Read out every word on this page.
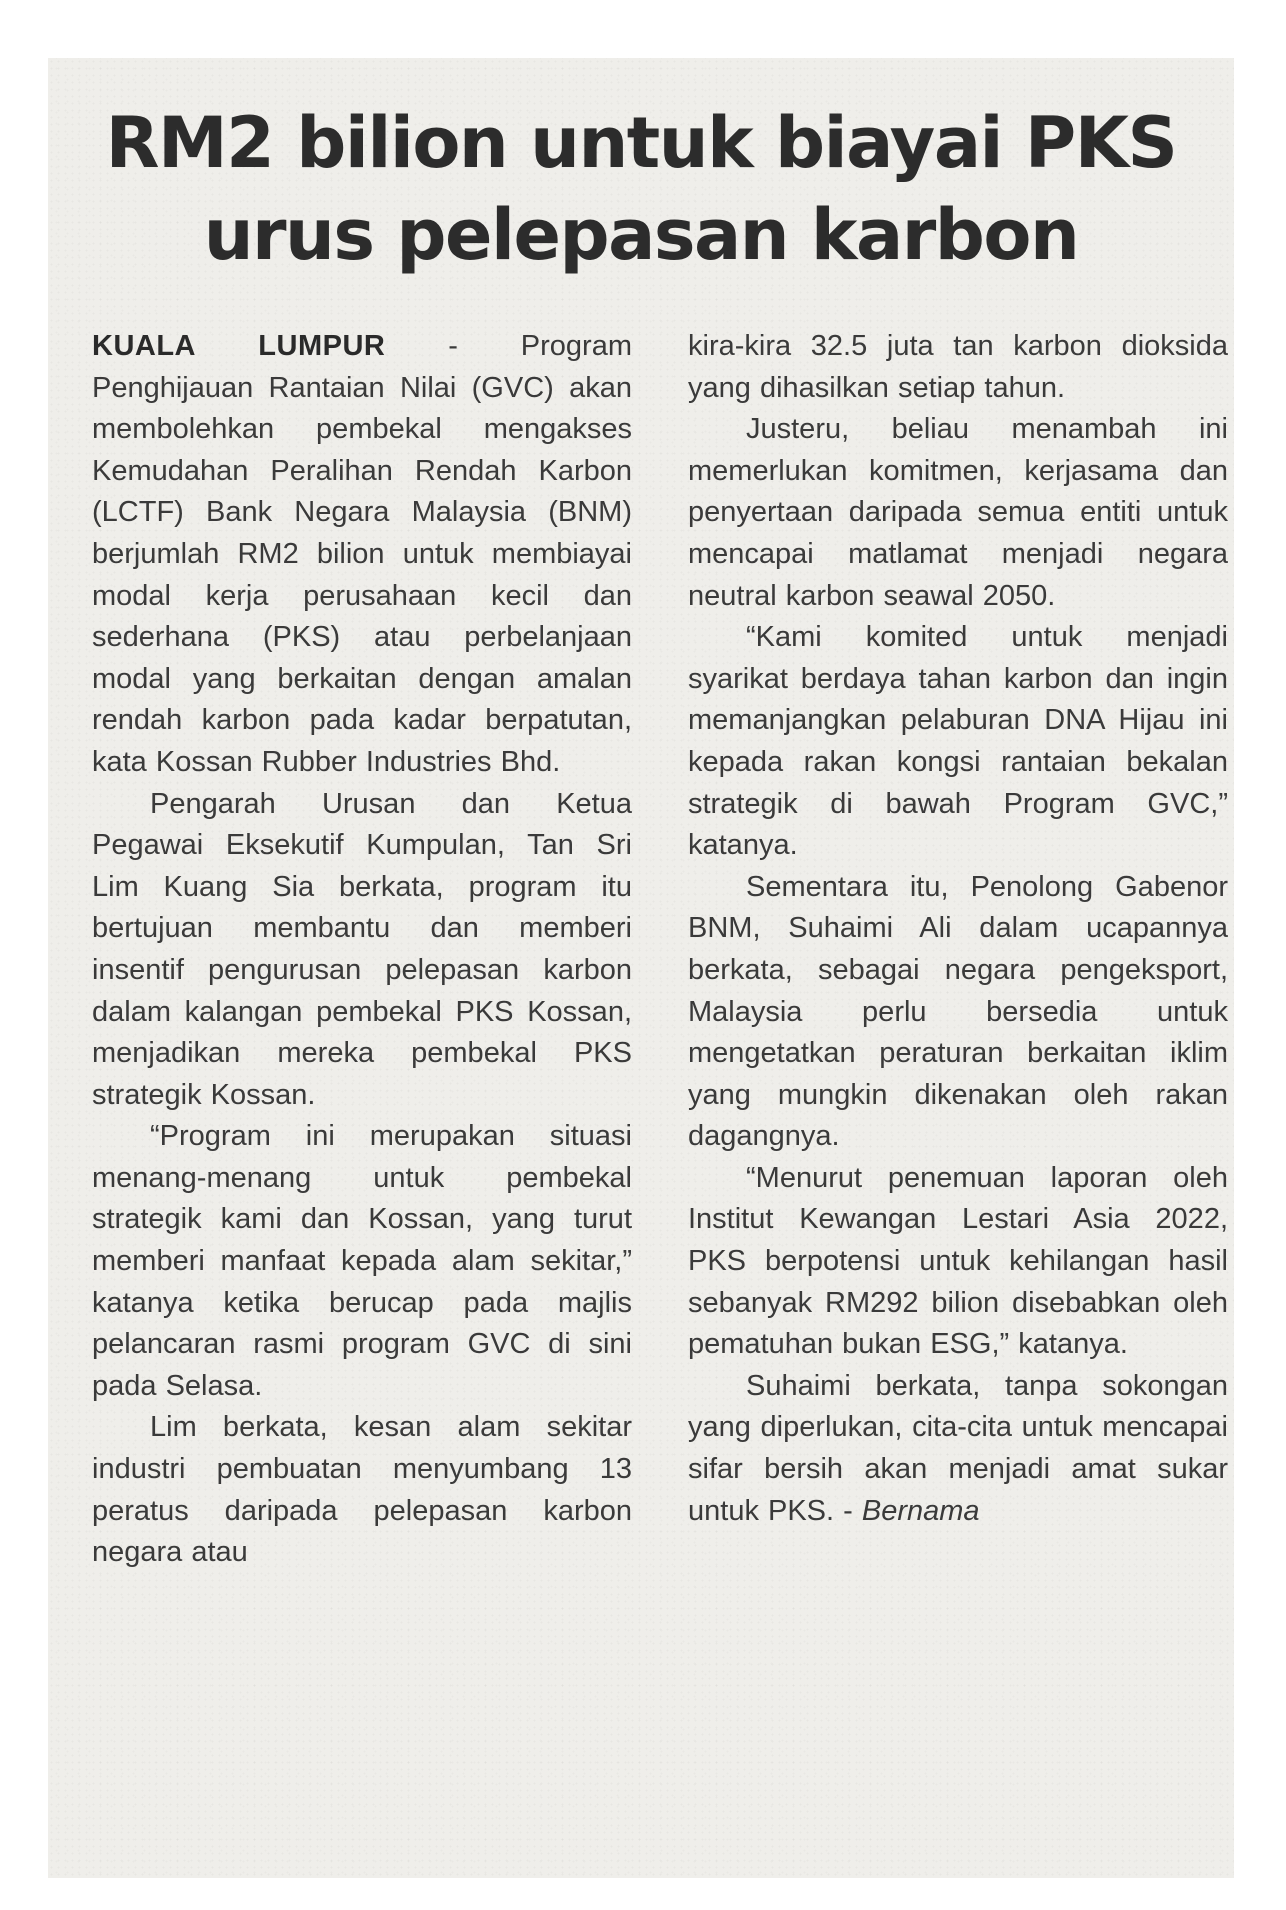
RM2 bilion untuk biayai PKS
urus pelepasan karbon

KUALA LUMPUR - Program Penghijauan Rantaian Nilai (GVC) akan membolehkan pembekal mengakses Kemudahan Peralihan Rendah Karbon (LCTF) Bank Negara Malaysia (BNM) berjumlah RM2 bilion untuk membiayai modal kerja perusahaan kecil dan sederhana (PKS) atau perbelanjaan modal yang berkaitan dengan amalan rendah karbon pada kadar berpatutan, kata Kossan Rubber Industries Bhd.

Pengarah Urusan dan Ketua Pegawai Eksekutif Kumpulan, Tan Sri Lim Kuang Sia berkata, program itu bertujuan membantu dan memberi insentif pengurusan pelepasan karbon dalam kalangan pembekal PKS Kossan, menjadikan mereka pembekal PKS strategik Kossan.

“Program ini merupakan situasi menang-menang untuk pembekal strategik kami dan Kossan, yang turut memberi manfaat kepada alam sekitar,” katanya ketika berucap pada majlis pelancaran rasmi program GVC di sini pada Selasa.

Lim berkata, kesan alam sekitar industri pembuatan menyumbang 13 peratus daripada pelepasan karbon negara atau

kira-kira 32.5 juta tan karbon dioksida yang dihasilkan setiap tahun.

Justeru, beliau menambah ini memerlukan komitmen, kerjasama dan penyertaan daripada semua entiti untuk mencapai matlamat menjadi negara neutral karbon seawal 2050.

“Kami komited untuk menjadi syarikat berdaya tahan karbon dan ingin memanjangkan pelaburan DNA Hijau ini kepada rakan kongsi rantaian bekalan strategik di bawah Program GVC,” katanya.

Sementara itu, Penolong Gabenor BNM, Suhaimi Ali dalam ucapannya berkata, sebagai negara pengeksport, Malaysia perlu bersedia untuk mengetatkan peraturan berkaitan iklim yang mungkin dikenakan oleh rakan dagangnya.

“Menurut penemuan laporan oleh Institut Kewangan Lestari Asia 2022, PKS berpotensi untuk kehilangan hasil sebanyak RM292 bilion disebabkan oleh pematuhan bukan ESG,” katanya.

Suhaimi berkata, tanpa sokongan yang diperlukan, cita-cita untuk mencapai sifar bersih akan menjadi amat sukar untuk PKS. - Bernama
